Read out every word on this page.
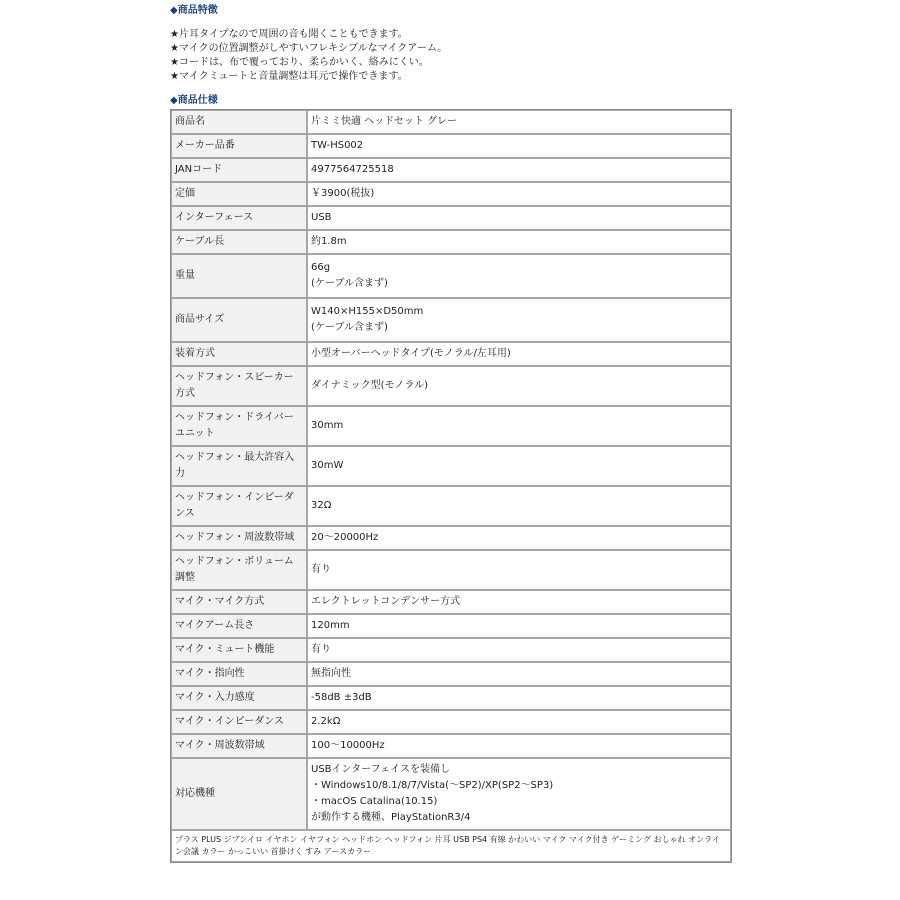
◆商品特徴

★片耳タイプなので周囲の音も聞くこともできます。
★マイクの位置調整がしやすいフレキシブルなマイクアーム。
★コードは、布で覆っており、柔らかいく、絡みにくい。
★マイクミュートと音量調整は耳元で操作できます。

◆商品仕様

商品名	片ミミ快適 ヘッドセット グレー

メーカー品番	TW-HS002

JANコード	4977564725518

定価	￥3900(税抜)

インターフェース	USB

ケーブル長	約1.8m

重量	66g
(ケーブル含まず)

商品サイズ	W140×H155×D50mm
(ケーブル含まず)

装着方式	小型オーバーヘッドタイプ(モノラル/左耳用)

ヘッドフォン・スピーカー方式	ダイナミック型(モノラル)

ヘッドフォン・ドライバーユニット	30mm

ヘッドフォン・最大許容入力	30mW

ヘッドフォン・インピーダンス	32Ω

ヘッドフォン・周波数帯域	20～20000Hz

ヘッドフォン・ボリューム調整	有り

マイク・マイク方式	エレクトレットコンデンサー方式

マイクアーム長さ	120mm

マイク・ミュート機能	有り

マイク・指向性	無指向性

マイク・入力感度	-58dB ±3dB

マイク・インピーダンス	2.2kΩ

マイク・周波数帯域	100～10000Hz

対応機種	USBインターフェイスを装備し
・Windows10/8.1/8/7/Vista(～SP2)/XP(SP2～SP3)
・macOS Catalina(10.15)
が動作する機種、PlayStationR3/4

プラス PLUS ジブンイロ イヤホン イヤフォン ヘッドホン ヘッドフォン 片耳 USB PS4 有線 かわいい マイク マイク付き ゲーミング おしゃれ オンライン会議 カラー かっこいい 首掛けく すみ アースカラー	
